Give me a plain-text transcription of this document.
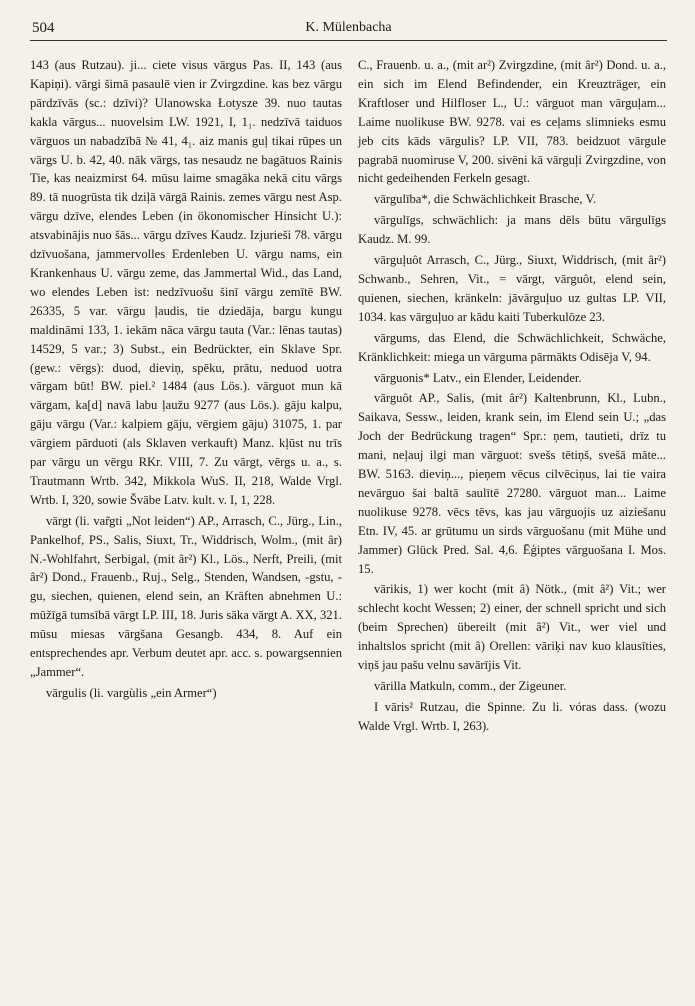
504	K. Mülenbacha

143 (aus Rutzau). ji... ciete visus vārgus Pas. II, 143 (aus Kapiņi). vārgi šimā pasaulē vien ir Zvirgzdine. kas bez vārgu pārdzīvās (sc.: dzīvi)? Ulanowska Łotysze 39. nuo tautas kakla vārgus... nuovelsim LW. 1921, I, 1₁. nedzīvā taiduos vārguos un nabadzībā № 41, 4₁. aiz manis guļ tikai rūpes un vārgs U. b. 42, 40. nāk vārgs, tas nesaudz ne bagātuos Rainis Tie, kas neaizmirst 64. mūsu laime smagāka nekā citu vārgs 89. tā nuogrūsta tik dziļā vārgā Rainis. zemes vārgu nest Asp. vārgu dzīve, elendes Leben (in ökonomischer Hinsicht U.): atsvabinājis nuo šās... vārgu dzīves Kaudz. Izjurieši 78. vārgu dzīvuošana, jammervolles Erdenleben U. vārgu nams, ein Krankenhaus U. vārgu zeme, das Jammertal Wid., das Land, wo elendes Leben ist: nedzīvuošu šinī vārgu zemītē BW. 26335, 5 var. vārgu ļaudis, tie dziedāja, bargu kungu maldināmi 133, 1. iekām nāca vārgu tauta (Var.: lēnas tautas) 14529, 5 var.; 3) Subst., ein Bedrückter, ein Sklave Spr. (gew.: vērgs): duod, dieviņ, spēku, prātu, neduod uotra vārgam būt! BW. piel.² 1484 (aus Lös.). vārguot mun kā vārgam, ka[d] navā labu ļaužu 9277 (aus Lös.). gāju kalpu, gāju vārgu (Var.: kalpiem gāju, vērgiem gāju) 31075, 1. par vārgiem pārduoti (als Sklaven verkauft) Manz. kļūst nu trīs par vārgu un vērgu RKr. VIII, 7. Zu vārgt, vērgs u. a., s. Trautmann Wrtb. 342, Mikkola WuS. II, 218, Walde Vrgl. Wrtb. I, 320, sowie Švābe Latv. kult. v. I, 1, 228.

vārgt (li. var̃gti „Not leiden“) AP., Arrasch, C., Jürg., Lin., Pankelhof, PS., Salis, Siuxt, Tr., Widdrisch, Wolm., (mit âr) N.-Wohlfahrt, Serbigal, (mit âr²) Kl., Lös., Nerft, Preili, (mit âr²) Dond., Frauenb., Ruj., Selg., Stenden, Wandsen, -gstu, -gu, siechen, quienen, elend sein, an Kräften abnehmen U.: mūžīgā tumsībā vārgt LP. III, 18. Juris sāka vārgt A. XX, 321. mūsu miesas vārgšana Gesangb. 434, 8. Auf ein entsprechendes apr. Verbum deutet apr. acc. s. powargsennien „Jammer“.

vārgulis (li. vargùlis „ein Armer“)

C., Frauenb. u. a., (mit ar²) Zvirgzdine, (mit âr²) Dond. u. a., ein sich im Elend Befindender, ein Kreuzträger, ein Kraftloser und Hilfloser L., U.: vārguot man vārguļam... Laime nuolikuse BW. 9278. vai es ceļams slimnieks esmu jeb cits kāds vārgulis? LP. VII, 783. beidzuot vārgule pagrabā nuomiruse V, 200. sivēni kā vārguļi Zvirgzdine, von nicht gedeihenden Ferkeln gesagt.

vārgulība*, die Schwächlichkeit Brasche, V.

vārgulīgs, schwächlich: ja mans dēls būtu vārgulīgs Kaudz. M. 99.

vārguļuôt Arrasch, C., Jürg., Siuxt, Widdrisch, (mit âr²) Schwanb., Sehren, Vit., = vārgt, vārguôt, elend sein, quienen, siechen, kränkeln: jāvārguļuo uz gultas LP. VII, 1034. kas vārguļuo ar kādu kaiti Tuberkulōze 23.

vārgums, das Elend, die Schwächlichkeit, Schwäche, Kränklichkeit: miega un vārguma pārmākts Odisēja V, 94.

vārguonis* Latv., ein Elender, Leidender.

vārguôt AP., Salis, (mit âr²) Kaltenbrunn, Kl., Lubn., Saikava, Sessw., leiden, krank sein, im Elend sein U.; „das Joch der Bedrückung tragen“ Spr.: ņem, tautieti, drīz tu mani, neļauj ilgi man vārguot: svešs tētiņš, svešā māte... BW. 5163. dieviņ..., pieņem vēcus cilvēciņus, lai tie vaira nevārguo šai baltā saulītē 27280. vārguot man... Laime nuolikuse 9278. vēcs tēvs, kas jau vārguojis uz aiziešanu Etn. IV, 45. ar grūtumu un sirds vārguošanu (mit Mühe und Jammer) Glück Pred. Sal. 4,6. Ēģiptes vārguošana I. Mos. 15.

vārikis, 1) wer kocht (mit â) Nötk., (mit â²) Vit.; wer schlecht kocht Wessen; 2) einer, der schnell spricht und sich (beim Sprechen) übereilt (mit â²) Vit., wer viel und inhaltslos spricht (mit â) Orellen: vāriķi nav kuo klausīties, viņš jau pašu velnu savārījis Vit.

vārilla Matkuln, comm., der Zigeuner.

I vāris² Rutzau, die Spinne. Zu li. vóras dass. (wozu Walde Vrgl. Wrtb. I, 263).
